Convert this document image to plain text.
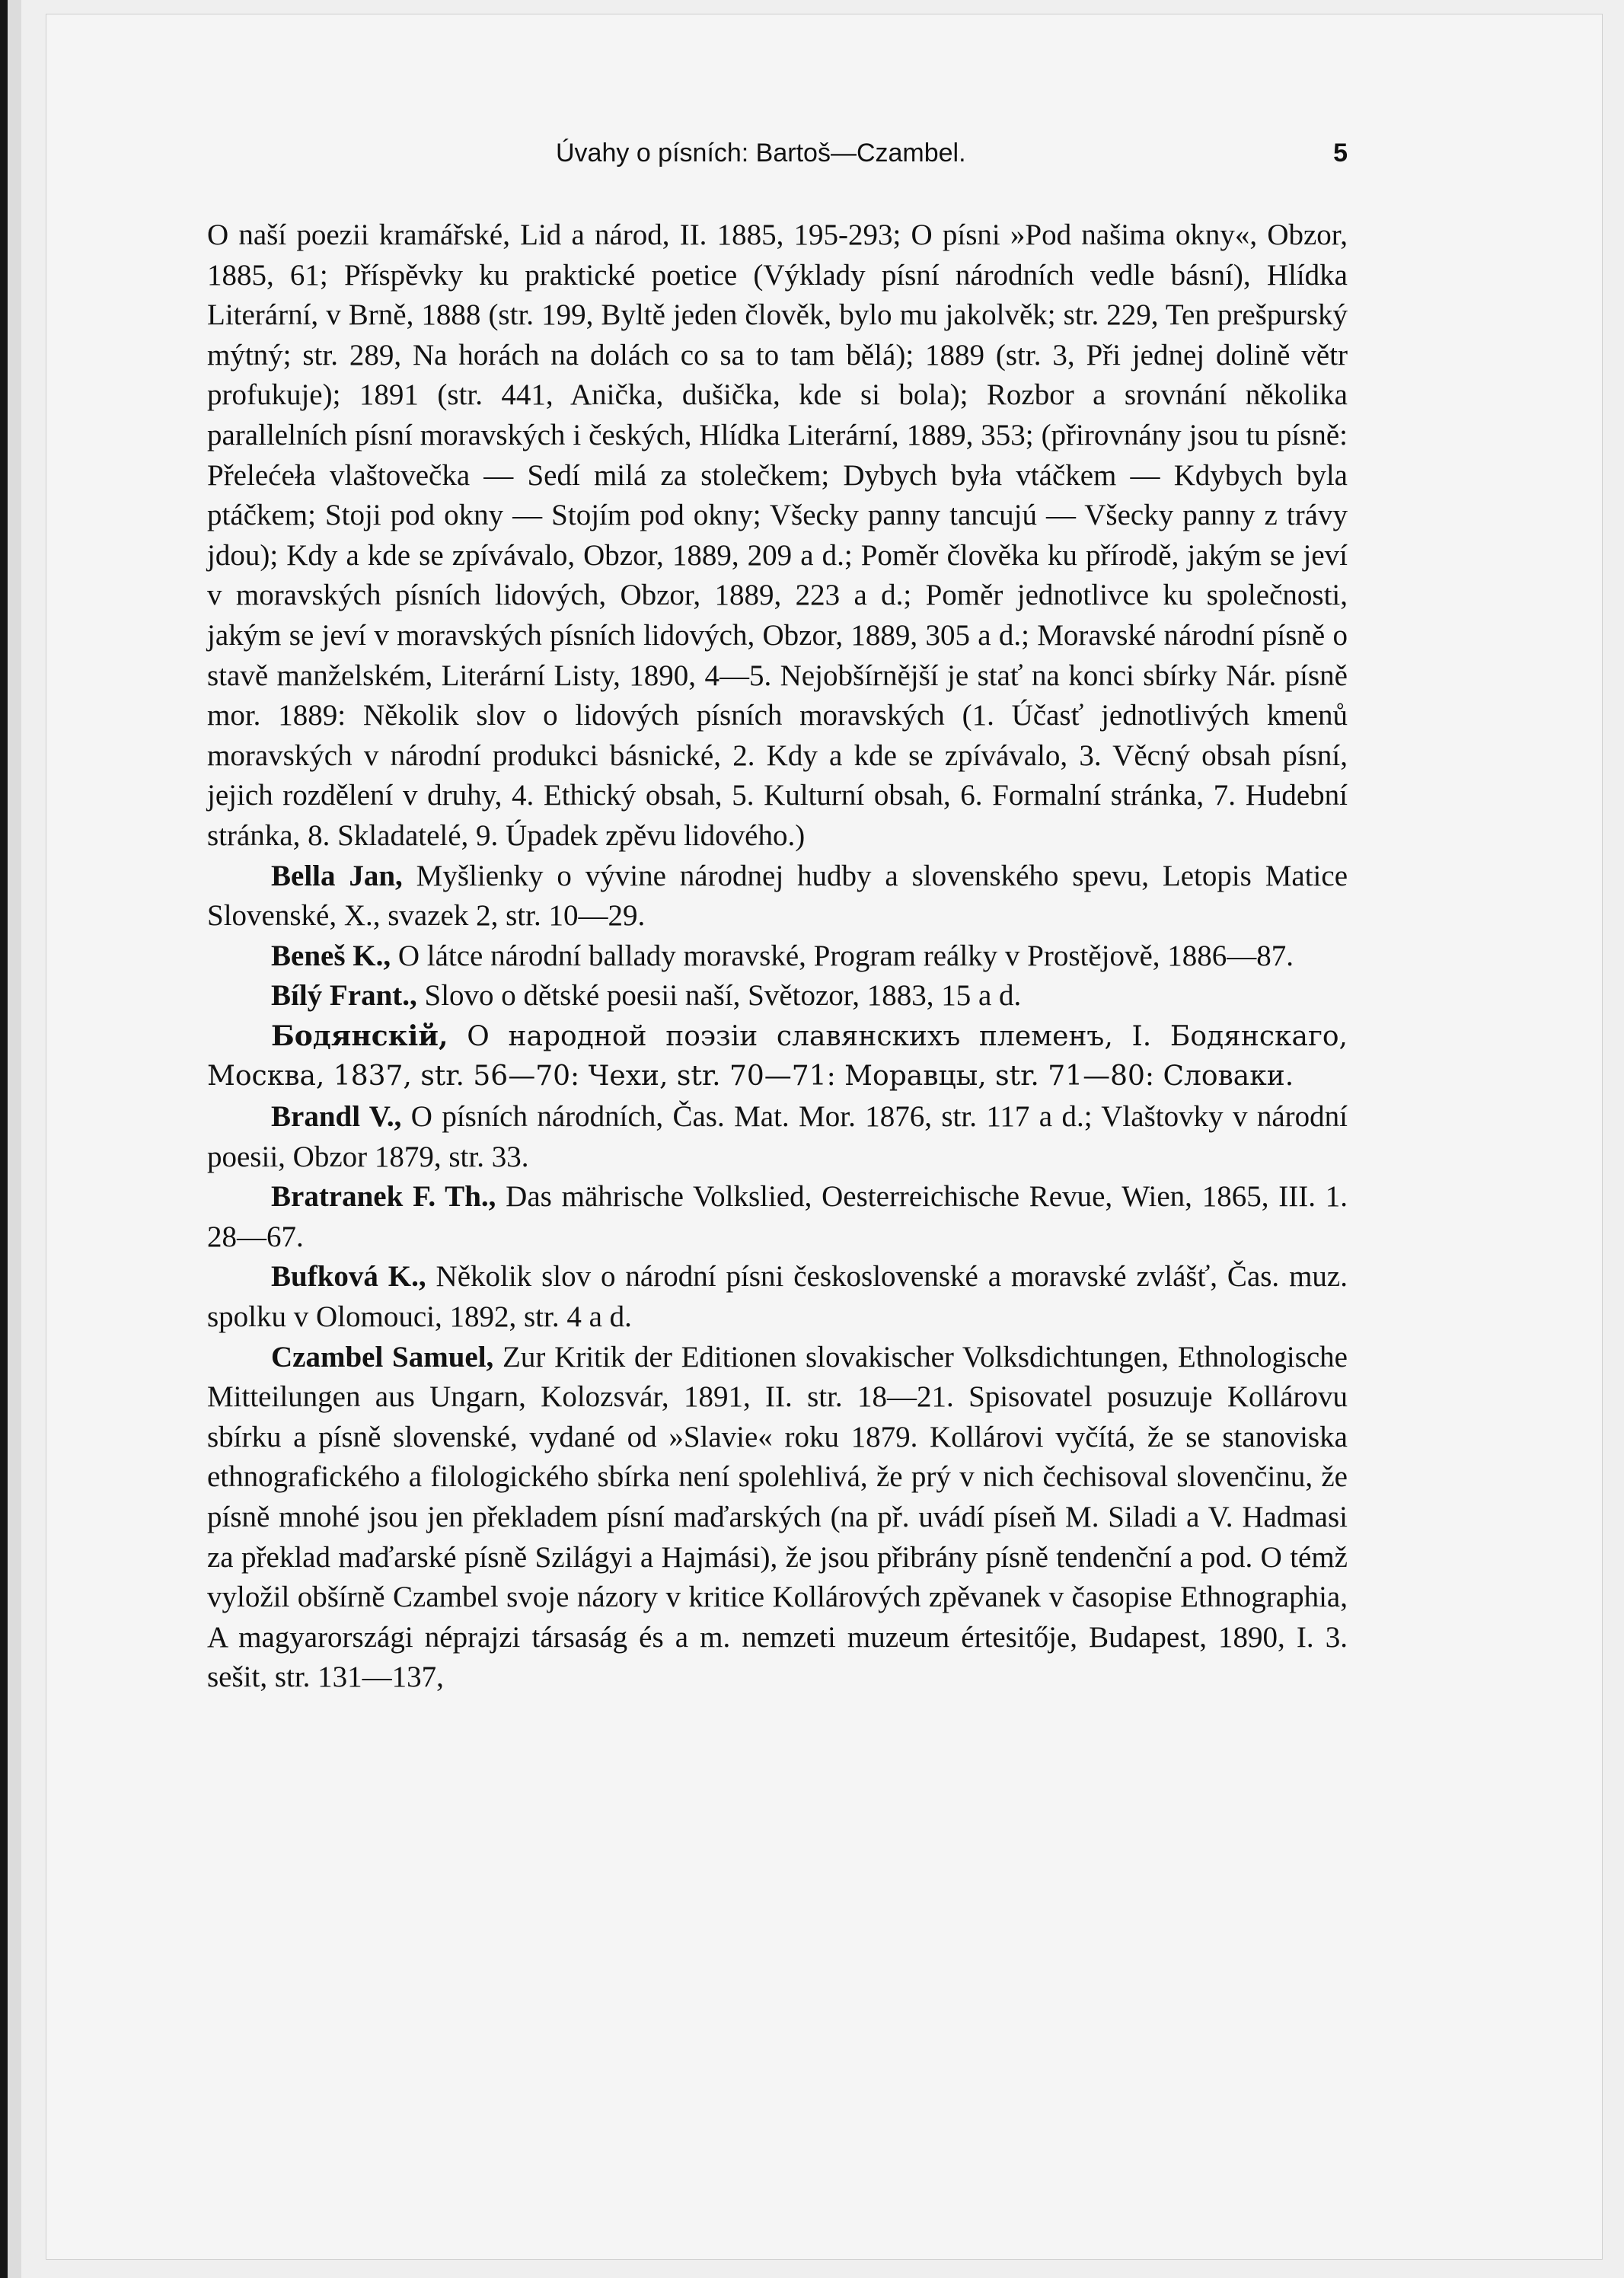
Úvahy o písních: Bartoš—Czambel.	5

O naší poezii kramářské, Lid a národ, II. 1885, 195-293; O písni »Pod našima okny«, Obzor, 1885, 61; Příspěvky ku praktické poetice (Výklady písní národních vedle básní), Hlídka Literární, v Brně, 1888 (str. 199, Byltě jeden člověk, bylo mu jakolvěk; str. 229, Ten prešpurský mýtný; str. 289, Na horách na dolách co sa to tam bělá); 1889 (str. 3, Při jednej dolině větr profukuje); 1891 (str. 441, Anička, dušička, kde si bola); Rozbor a srovnání několika parallelních písní moravských i českých, Hlídka Literární, 1889, 353; (přirovnány jsou tu písně: Přelećeła vlaštovečka — Sedí milá za stolečkem; Dybych była vtáčkem — Kdybych byla ptáčkem; Stoji pod okny — Stojím pod okny; Všecky panny tancujú — Všecky panny z trávy jdou); Kdy a kde se zpívávalo, Obzor, 1889, 209 a d.; Poměr člověka ku přírodě, jakým se jeví v moravských písních lidových, Obzor, 1889, 223 a d.; Poměr jednotlivce ku společnosti, jakým se jeví v moravských písních lidových, Obzor, 1889, 305 a d.; Moravské národní písně o stavě manželském, Literární Listy, 1890, 4—5. Nejobšírnější je stať na konci sbírky Nár. písně mor. 1889: Několik slov o lidových písních moravských (1. Účasť jednotlivých kmenů moravských v národní produkci básnické, 2. Kdy a kde se zpívávalo, 3. Věcný obsah písní, jejich rozdělení v druhy, 4. Ethický obsah, 5. Kulturní obsah, 6. Formalní stránka, 7. Hudební stránka, 8. Skladatelé, 9. Úpadek zpěvu lidového.)

Bella Jan, Myšlienky o vývine národnej hudby a slovenského spevu, Letopis Matice Slovenské, X., svazek 2, str. 10—29.

Beneš K., O látce národní ballady moravské, Program reálky v Prostějově, 1886—87.

Bílý Frant., Slovo o dětské poesii naší, Světozor, 1883, 15 a d.

Бодянскій, О народной поэзіи славянскихъ племенъ, I. Бодянскаго, Москва, 1837, str. 56—70: Чехи, str. 70—71: Моравцы, str. 71—80: Словаки.

Brandl V., O písních národních, Čas. Mat. Mor. 1876, str. 117 a d.; Vlaštovky v národní poesii, Obzor 1879, str. 33.

Bratranek F. Th., Das mährische Volkslied, Oesterreichische Revue, Wien, 1865, III. 1. 28—67.

Bufková K., Několik slov o národní písni československé a moravské zvlášť, Čas. muz. spolku v Olomouci, 1892, str. 4 a d.

Czambel Samuel, Zur Kritik der Editionen slovakischer Volksdichtungen, Ethnologische Mitteilungen aus Ungarn, Kolozsvár, 1891, II. str. 18—21. Spisovatel posuzuje Kollárovu sbírku a písně slovenské, vydané od »Slavie« roku 1879. Kollárovi vyčítá, že se stanoviska ethnografického a filologického sbírka není spolehlivá, že prý v nich čechisoval slovenčinu, že písně mnohé jsou jen překladem písní maďarských (na př. uvádí píseň M. Siladi a V. Hadmasi za překlad maďarské písně Szilágyi a Hajmási), že jsou přibrány písně tendenční a pod. O témž vyložil obšírně Czambel svoje názory v kritice Kollárových zpěvanek v časopise Ethnographia, A magyarországi néprajzi társaság és a m. nemzeti muzeum értesitője, Budapest, 1890, I. 3. sešit, str. 131—137,
